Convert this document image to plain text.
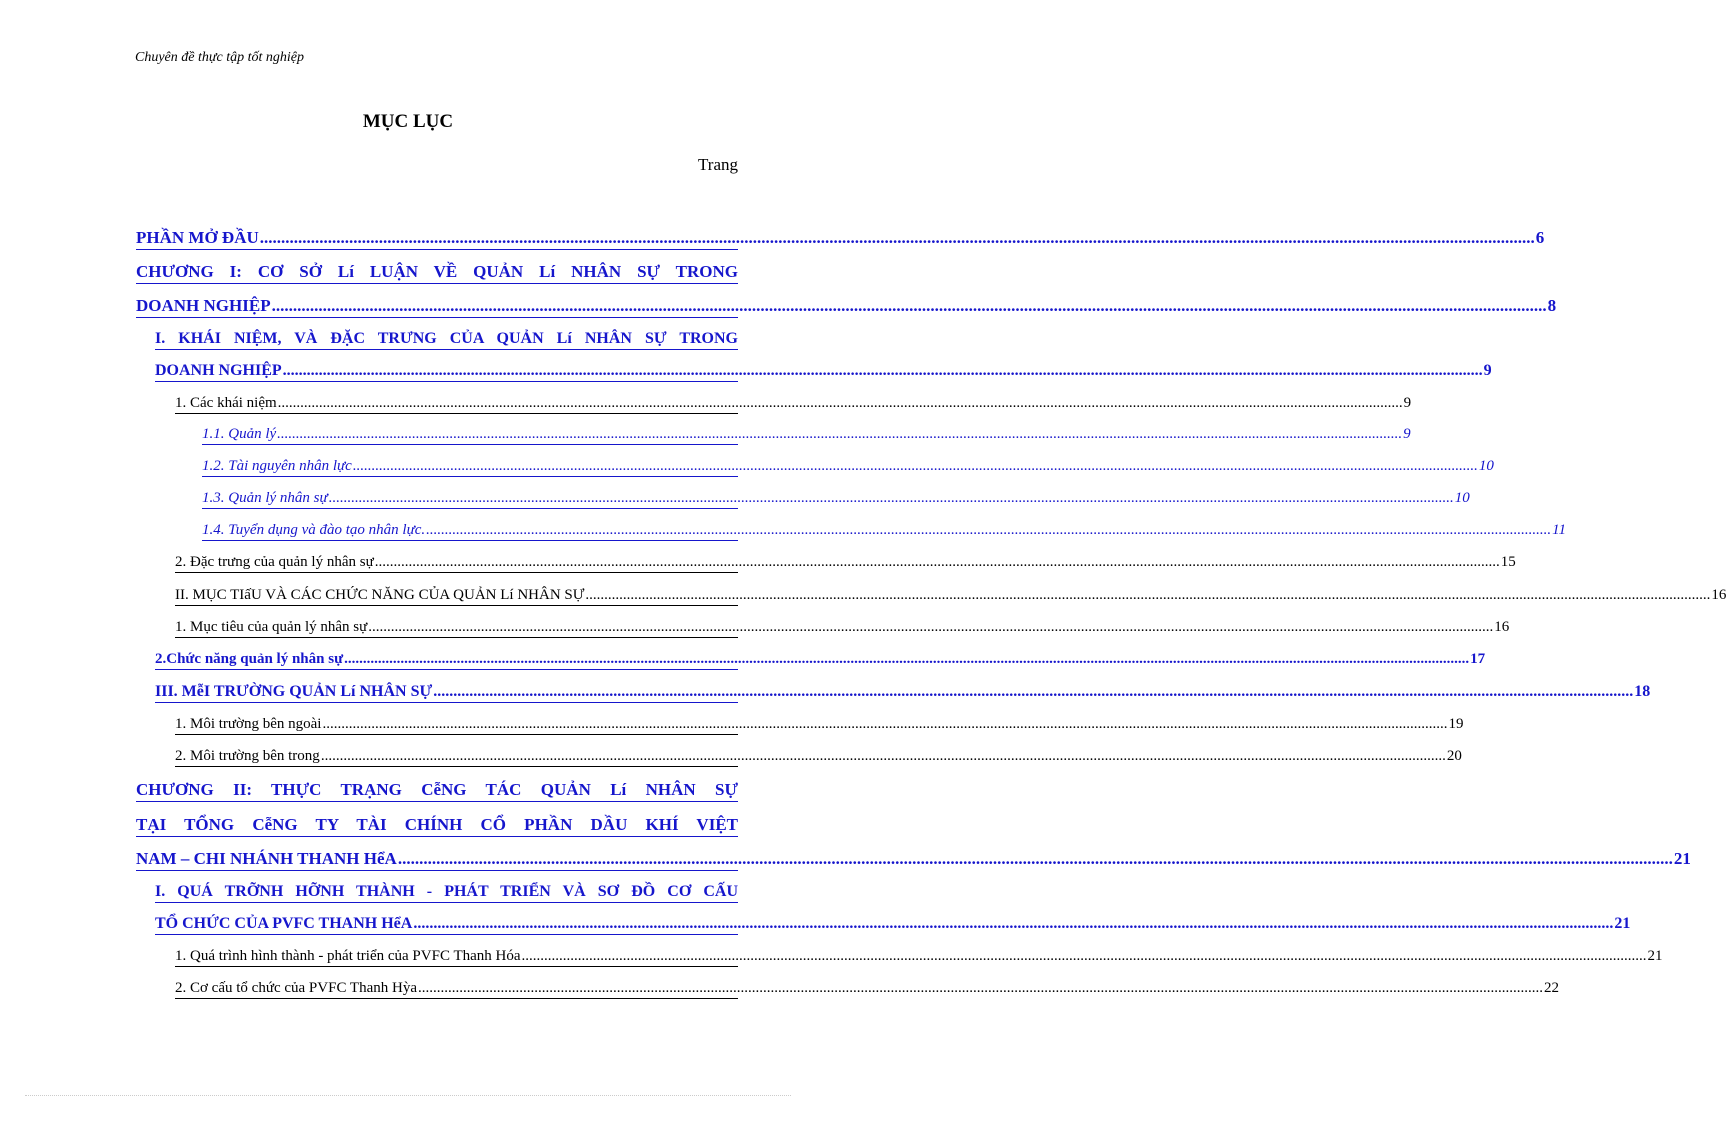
Chuyên đề thực tập tốt nghiệp
MỤC LỤC
Trang
PHẦN MỞ ĐẦU ............................................................................................................................................................................................................................................................................................................ 6
CHƯƠNG I: CƠ SỞ Lí LUẬN VỀ QUẢN Lí NHÂN SỰ TRONG
DOANH NGHIỆP ............................................................................................................................................................................................................................................................................................................ 8
I. KHÁI NIỆM, VÀ ĐẶC TRƯNG CỦA QUẢN Lí NHÂN SỰ TRONG
DOANH NGHIỆP ............................................................................................................................................................................................................................................................................................................ 9
1. Các khái niệm ............................................................................................................................................................................................................................................................................................................ 9
1.1. Quản lý ............................................................................................................................................................................................................................................................................................................ 9
1.2. Tài nguyên nhân lực ............................................................................................................................................................................................................................................................................................................ 10
1.3. Quản lý nhân sự ............................................................................................................................................................................................................................................................................................................ 10
1.4. Tuyển dụng và đào tạo nhân lực. ............................................................................................................................................................................................................................................................................................................ 11
2. Đặc trưng của quản lý nhân sự ............................................................................................................................................................................................................................................................................................................ 15
II. MỤC TIấU VÀ CÁC CHỨC NĂNG CỦA QUẢN Lí NHÂN SỰ ............................................................................................................................................................................................................................................................................................................ 16
1. Mục tiêu của quản lý nhân sự ............................................................................................................................................................................................................................................................................................................ 16
2.Chức năng quản lý nhân sự ............................................................................................................................................................................................................................................................................................................ 17
III. MễI TRƯỜNG QUẢN Lí NHÂN SỰ ............................................................................................................................................................................................................................................................................................................ 18
1. Môi trường bên ngoài ............................................................................................................................................................................................................................................................................................................ 19
2. Môi trường bên trong ............................................................................................................................................................................................................................................................................................................ 20
CHƯƠNG II: THỰC TRẠNG CễNG TÁC QUẢN Lí NHÂN SỰ
TẠI TỔNG CễNG TY TÀI CHÍNH CỔ PHẦN DẦU KHÍ VIỆT
NAM – CHI NHÁNH THANH HểA ............................................................................................................................................................................................................................................................................................................ 21
I. QUÁ TRỠNH HỠNH THÀNH - PHÁT TRIỂN VÀ SƠ ĐỒ CƠ CẤU
TỔ CHỨC CỦA PVFC THANH HểA ............................................................................................................................................................................................................................................................................................................ 21
1. Quá trình hình thành - phát triển của PVFC Thanh Hóa ............................................................................................................................................................................................................................................................................................................ 21
2. Cơ cấu tổ chức của PVFC Thanh Hỳa ............................................................................................................................................................................................................................................................................................................ 22
